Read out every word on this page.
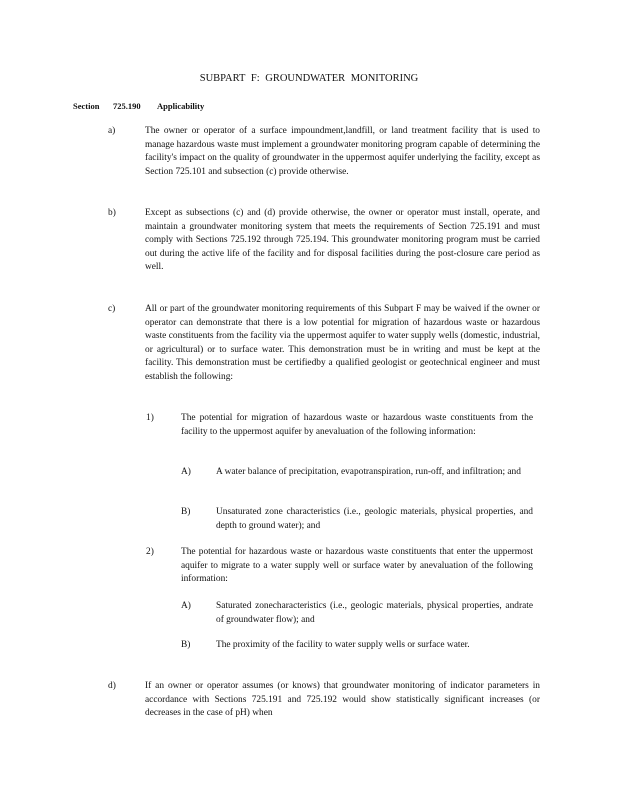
SUBPART F: GROUNDWATER MONITORING
Section 725.190 Applicability
a)	The owner or operator of a surface impoundment,landfill, or land treatment facility that is used to manage hazardous waste must implement a groundwater monitoring program capable of determining the facility's impact on the quality of groundwater in the uppermost aquifer underlying the facility, except as Section 725.101 and subsection (c) provide otherwise.
b)	Except as subsections (c) and (d) provide otherwise, the owner or operator must install, operate, and maintain a groundwater monitoring system that meets the requirements of Section 725.191 and must comply with Sections 725.192 through 725.194. This groundwater monitoring program must be carried out during the active life of the facility and for disposal facilities during the post-closure care period as well.
c)	All or part of the groundwater monitoring requirements of this Subpart F may be waived if the owner or operator can demonstrate that there is a low potential for migration of hazardous waste or hazardous waste constituents from the facility via the uppermost aquifer to water supply wells (domestic, industrial, or agricultural) or to surface water. This demonstration must be in writing and must be kept at the facility. This demonstration must be certifiedby a qualified geologist or geotechnical engineer and must establish the following:
1)	The potential for migration of hazardous waste or hazardous waste constituents from the facility to the uppermost aquifer by anevaluation of the following information:
A)	A water balance of precipitation, evapotranspiration, run-off, and infiltration; and
B)	Unsaturated zone characteristics (i.e., geologic materials, physical properties, and depth to ground water); and
2)	The potential for hazardous waste or hazardous waste constituents that enter the uppermost aquifer to migrate to a water supply well or surface water by anevaluation of the following information:
A)	Saturated zonecharacteristics (i.e., geologic materials, physical properties, andrate of groundwater flow); and
B)	The proximity of the facility to water supply wells or surface water.
d)	If an owner or operator assumes (or knows) that groundwater monitoring of indicator parameters in accordance with Sections 725.191 and 725.192 would show statistically significant increases (or decreases in the case of pH) when
